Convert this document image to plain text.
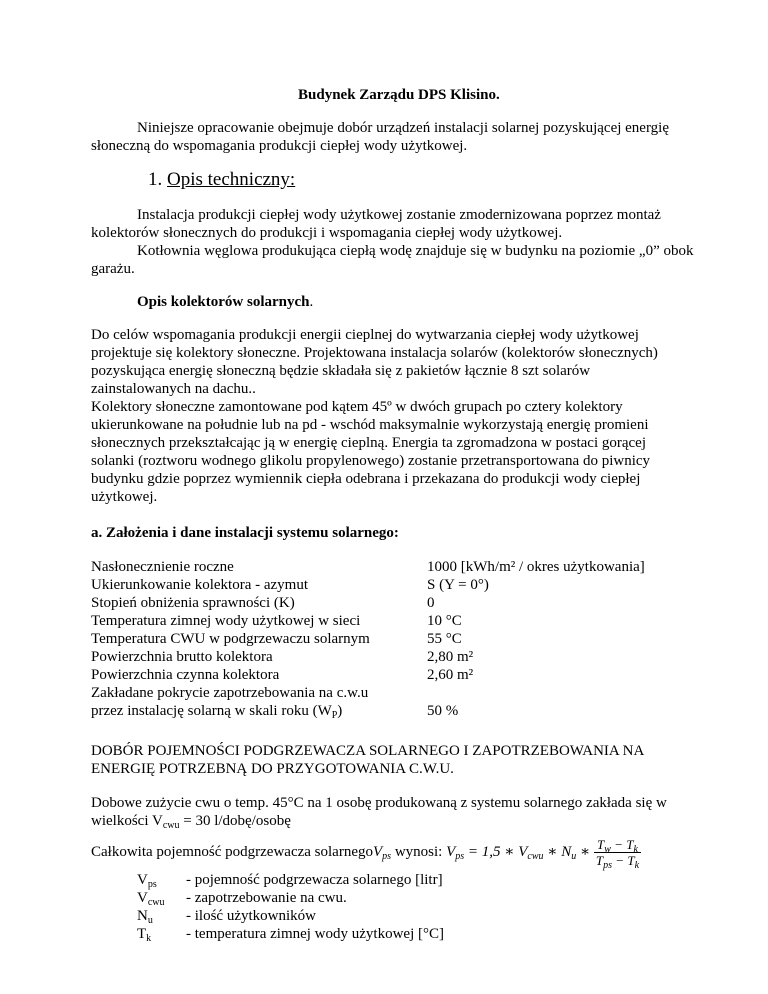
Budynek Zarządu DPS Klisino.
Niniejsze opracowanie obejmuje dobór urządzeń instalacji solarnej pozyskującej energię
słoneczną do wspomagania produkcji ciepłej wody użytkowej.
1. Opis techniczny:
Instalacja produkcji ciepłej wody użytkowej zostanie zmodernizowana poprzez montaż
kolektorów słonecznych do produkcji i wspomagania ciepłej wody użytkowej.
Kotłownia węglowa produkująca ciepłą wodę znajduje się w budynku na poziomie „0” obok
garażu.
Opis kolektorów solarnych.
Do celów wspomagania produkcji energii cieplnej do wytwarzania ciepłej wody użytkowej
projektuje się kolektory słoneczne. Projektowana instalacja solarów (kolektorów słonecznych)
pozyskująca energię słoneczną będzie składała się z pakietów łącznie 8 szt solarów
zainstalowanych na dachu..
Kolektory słoneczne zamontowane pod kątem 45º w dwóch grupach po cztery kolektory
ukierunkowane na południe lub na pd - wschód maksymalnie wykorzystają energię promieni
słonecznych przekształcając ją w energię cieplną. Energia ta zgromadzona w postaci gorącej
solanki (roztworu wodnego glikolu propylenowego) zostanie przetransportowana do piwnicy
budynku gdzie poprzez wymiennik ciepła odebrana i przekazana do produkcji wody ciepłej
użytkowej.
a. Założenia i dane instalacji systemu solarnego:
Nasłonecznienie roczne	1000 [kWh/m² / okres użytkowania]
Ukierunkowanie kolektora - azymut	S (Y = 0°)
Stopień obniżenia sprawności (K)	0
Temperatura zimnej wody użytkowej w sieci	10 °C
Temperatura CWU w podgrzewaczu solarnym	55 °C
Powierzchnia brutto kolektora	2,80 m²
Powierzchnia czynna kolektora	2,60 m²
Zakładane pokrycie zapotrzebowania na c.w.u
przez instalację solarną w skali roku $(W_P)$	50 %
DOBÓR POJEMNOŚCI PODGRZEWACZA SOLARNEGO I ZAPOTRZEBOWANIA NA
ENERGIĘ POTRZEBNĄ DO PRZYGOTOWANIA C.W.U.
Dobowe zużycie cwu o temp. 45°C na 1 osobę produkowaną z systemu solarnego zakłada się w
wielkości $V_{cwu} = 30$ l/dobę/osobę
Całkowita pojemność podgrzewacza solarnegoV$_{ps}$ wynosi: $V_{ps} = 1,5$ ∗ $V_{cwu}$ ∗ $N_u$ ∗ $\frac{T_w - T_k}{T_{ps} - T_k}$
$V_{ps}$ - pojemność podgrzewacza solarnego [litr]
$V_{cwu}$ - zapotrzebowanie na cwu.
$N_u$ - ilość użytkowników
$T_k$ - temperatura zimnej wody użytkowej [°C]
